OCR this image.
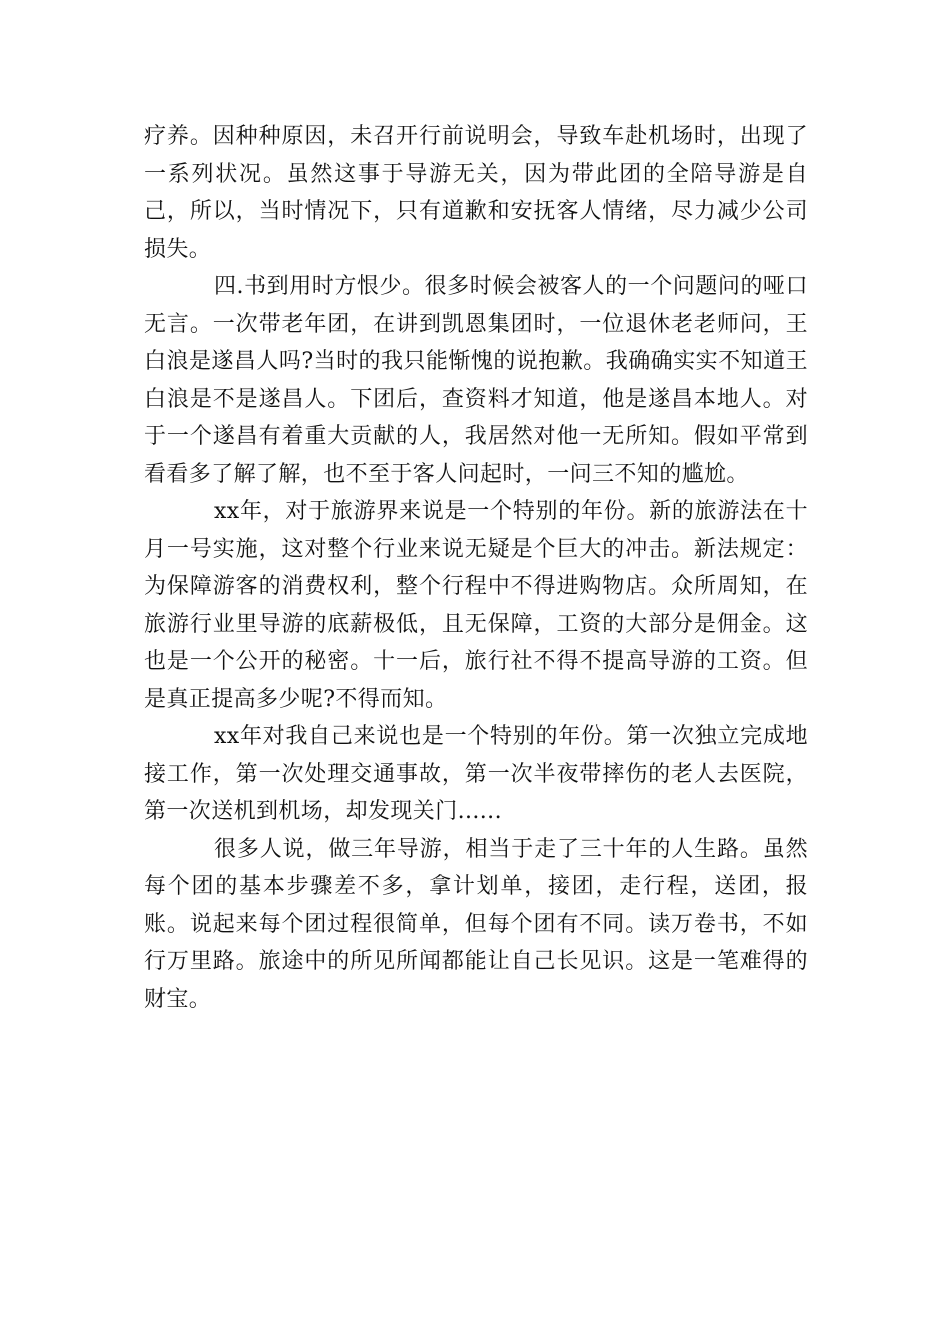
疗养。因种种原因，未召开行前说明会，导致车赴机场时，出现了一系列状况。虽然这事于导游无关，因为带此团的全陪导游是自己，所以，当时情况下，只有道歉和安抚客人情绪，尽力减少公司损失。

四.书到用时方恨少。很多时候会被客人的一个问题问的哑口无言。一次带老年团，在讲到凯恩集团时，一位退休老老师问，王白浪是遂昌人吗?当时的我只能惭愧的说抱歉。我确确实实不知道王白浪是不是遂昌人。下团后，查资料才知道，他是遂昌本地人。对于一个遂昌有着重大贡献的人，我居然对他一无所知。假如平常到看看多了解了解，也不至于客人问起时，一问三不知的尴尬。

xx年，对于旅游界来说是一个特别的年份。新的旅游法在十月一号实施，这对整个行业来说无疑是个巨大的冲击。新法规定：为保障游客的消费权利，整个行程中不得进购物店。众所周知，在旅游行业里导游的底薪极低，且无保障，工资的大部分是佣金。这也是一个公开的秘密。十一后，旅行社不得不提高导游的工资。但是真正提高多少呢?不得而知。

xx年对我自己来说也是一个特别的年份。第一次独立完成地接工作，第一次处理交通事故，第一次半夜带摔伤的老人去医院，第一次送机到机场，却发现关门......

很多人说，做三年导游，相当于走了三十年的人生路。虽然每个团的基本步骤差不多，拿计划单，接团，走行程，送团，报账。说起来每个团过程很简单，但每个团有不同。读万卷书，不如行万里路。旅途中的所见所闻都能让自己长见识。这是一笔难得的财宝。
